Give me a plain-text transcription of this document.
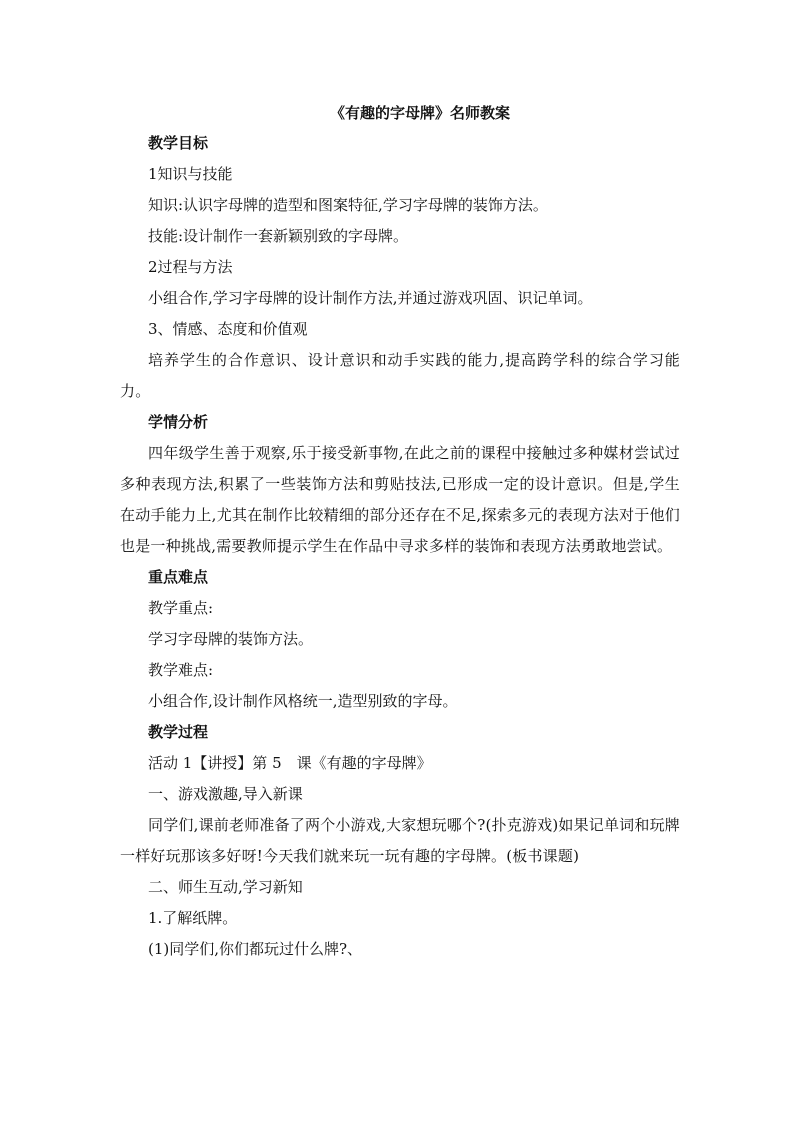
《有趣的字母牌》名师教案

教学目标

1知识与技能

知识:认识字母牌的造型和图案特征,学习字母牌的装饰方法。

技能:设计制作一套新颖别致的字母牌。

2过程与方法

小组合作,学习字母牌的设计制作方法,并通过游戏巩固、识记单词。

3、情感、态度和价值观

培养学生的合作意识、设计意识和动手实践的能力,提高跨学科的综合学习能力。

学情分析

四年级学生善于观察,乐于接受新事物,在此之前的课程中接触过多种媒材尝试过多种表现方法,积累了一些装饰方法和剪贴技法,已形成一定的设计意识。但是,学生在动手能力上,尤其在制作比较精细的部分还存在不足,探索多元的表现方法对于他们也是一种挑战,需要教师提示学生在作品中寻求多样的装饰和表现方法勇敢地尝试。

重点难点

教学重点:

学习字母牌的装饰方法。

教学难点:

小组合作,设计制作风格统一,造型别致的字母。

教学过程

活动 1【讲授】第 5　课《有趣的字母牌》

一、游戏激趣,导入新课

同学们,课前老师准备了两个小游戏,大家想玩哪个?(扑克游戏)如果记单词和玩牌一样好玩那该多好呀!今天我们就来玩一玩有趣的字母牌。(板书课题)

二、师生互动,学习新知

1.了解纸牌。

(1)同学们,你们都玩过什么牌?、
